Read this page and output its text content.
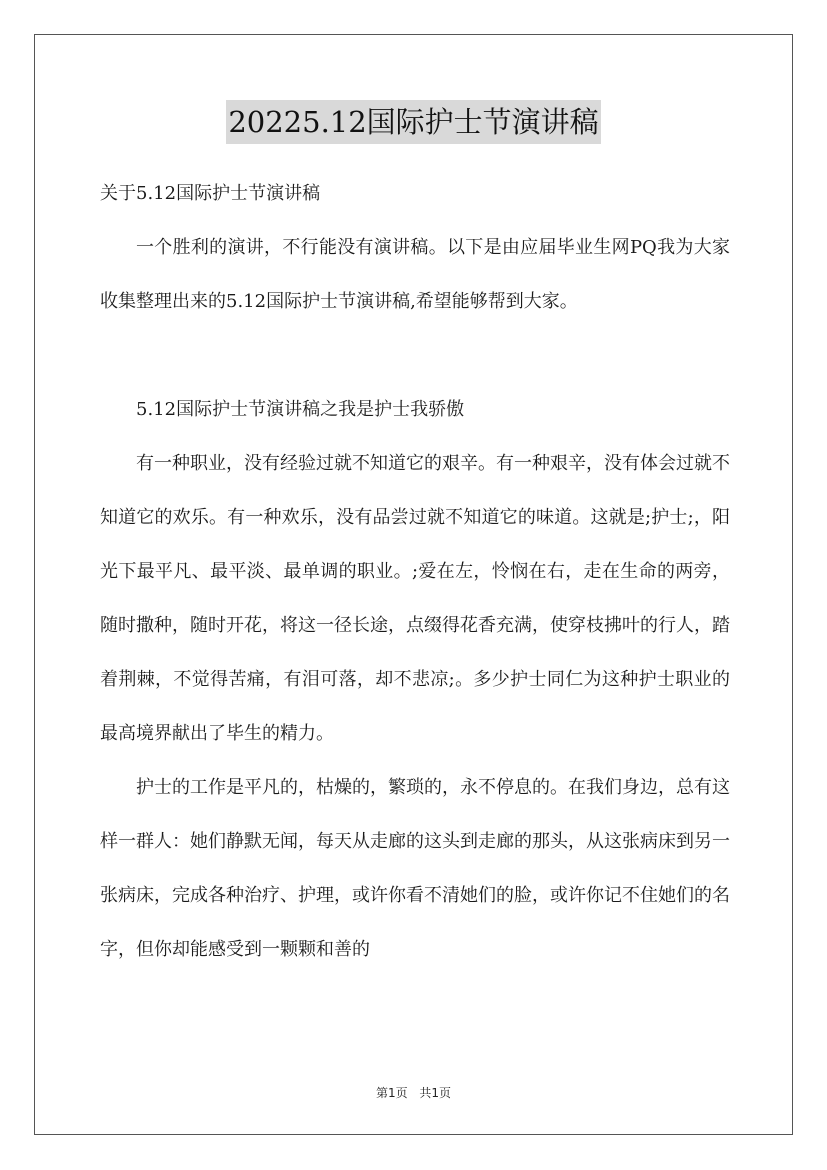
20225.12国际护士节演讲稿

关于5.12国际护士节演讲稿

一个胜利的演讲，不行能没有演讲稿。以下是由应届毕业生网PQ我为大家收集整理出来的5.12国际护士节演讲稿,希望能够帮到大家。

5.12国际护士节演讲稿之我是护士我骄傲

有一种职业，没有经验过就不知道它的艰辛。有一种艰辛，没有体会过就不知道它的欢乐。有一种欢乐，没有品尝过就不知道它的味道。这就是;护士;，阳光下最平凡、最平淡、最单调的职业。;爱在左，怜悯在右，走在生命的两旁，随时撒种，随时开花，将这一径长途，点缀得花香充满，使穿枝拂叶的行人，踏着荆棘，不觉得苦痛，有泪可落，却不悲凉;。多少护士同仁为这种护士职业的最高境界献出了毕生的精力。

护士的工作是平凡的，枯燥的，繁琐的，永不停息的。在我们身边，总有这样一群人：她们静默无闻，每天从走廊的这头到走廊的那头，从这张病床到另一张病床，完成各种治疗、护理，或许你看不清她们的脸，或许你记不住她们的名字，但你却能感受到一颗颗和善的

第1页 共1页
